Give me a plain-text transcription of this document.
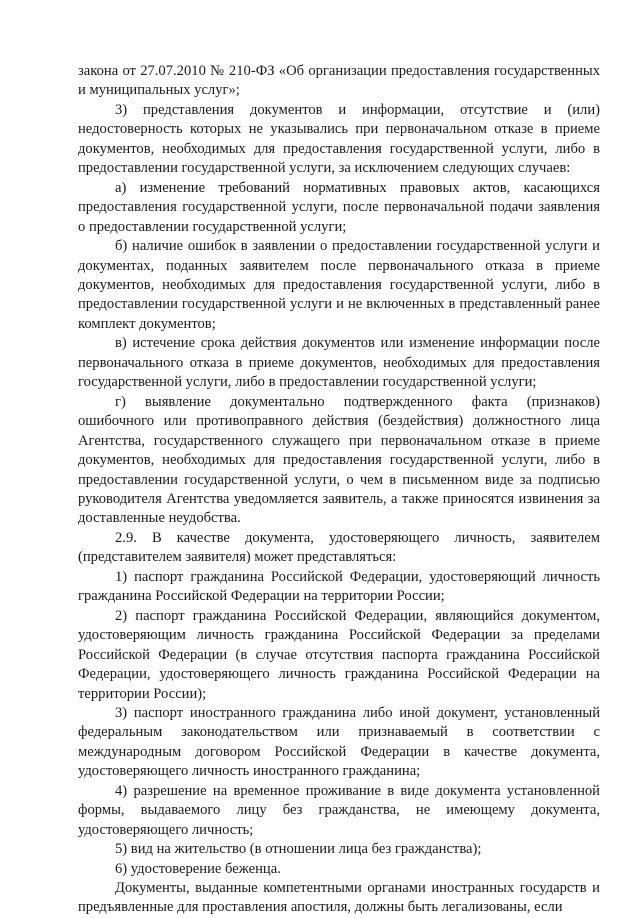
закона от 27.07.2010 № 210-ФЗ «Об организации предоставления государственных и муниципальных услуг»;

3) представления документов и информации, отсутствие и (или) недостоверность которых не указывались при первоначальном отказе в приеме документов, необходимых для предоставления государственной услуги, либо в предоставлении государственной услуги, за исключением следующих случаев:

а) изменение требований нормативных правовых актов, касающихся предоставления государственной услуги, после первоначальной подачи заявления о предоставлении государственной услуги;

б) наличие ошибок в заявлении о предоставлении государственной услуги и документах, поданных заявителем после первоначального отказа в приеме документов, необходимых для предоставления государственной услуги, либо в предоставлении государственной услуги и не включенных в представленный ранее комплект документов;

в) истечение срока действия документов или изменение информации после первоначального отказа в приеме документов, необходимых для предоставления государственной услуги, либо в предоставлении государственной услуги;

г) выявление документально подтвержденного факта (признаков) ошибочного или противоправного действия (бездействия) должностного лица Агентства, государственного служащего при первоначальном отказе в приеме документов, необходимых для предоставления государственной услуги, либо в предоставлении государственной услуги, о чем в письменном виде за подписью руководителя Агентства уведомляется заявитель, а также приносятся извинения за доставленные неудобства.

2.9. В качестве документа, удостоверяющего личность, заявителем (представителем заявителя) может представляться:

1) паспорт гражданина Российской Федерации, удостоверяющий личность гражданина Российской Федерации на территории России;

2) паспорт гражданина Российской Федерации, являющийся документом, удостоверяющим личность гражданина Российской Федерации за пределами Российской Федерации (в случае отсутствия паспорта гражданина Российской Федерации, удостоверяющего личность гражданина Российской Федерации на территории России);

3) паспорт иностранного гражданина либо иной документ, установленный федеральным законодательством или признаваемый в соответствии с международным договором Российской Федерации в качестве документа, удостоверяющего личность иностранного гражданина;

4) разрешение на временное проживание в виде документа установленной формы, выдаваемого лицу без гражданства, не имеющему документа, удостоверяющего личность;

5) вид на жительство (в отношении лица без гражданства);

6) удостоверение беженца.

Документы, выданные компетентными органами иностранных государств и предъявленные для проставления апостиля, должны быть легализованы, если
